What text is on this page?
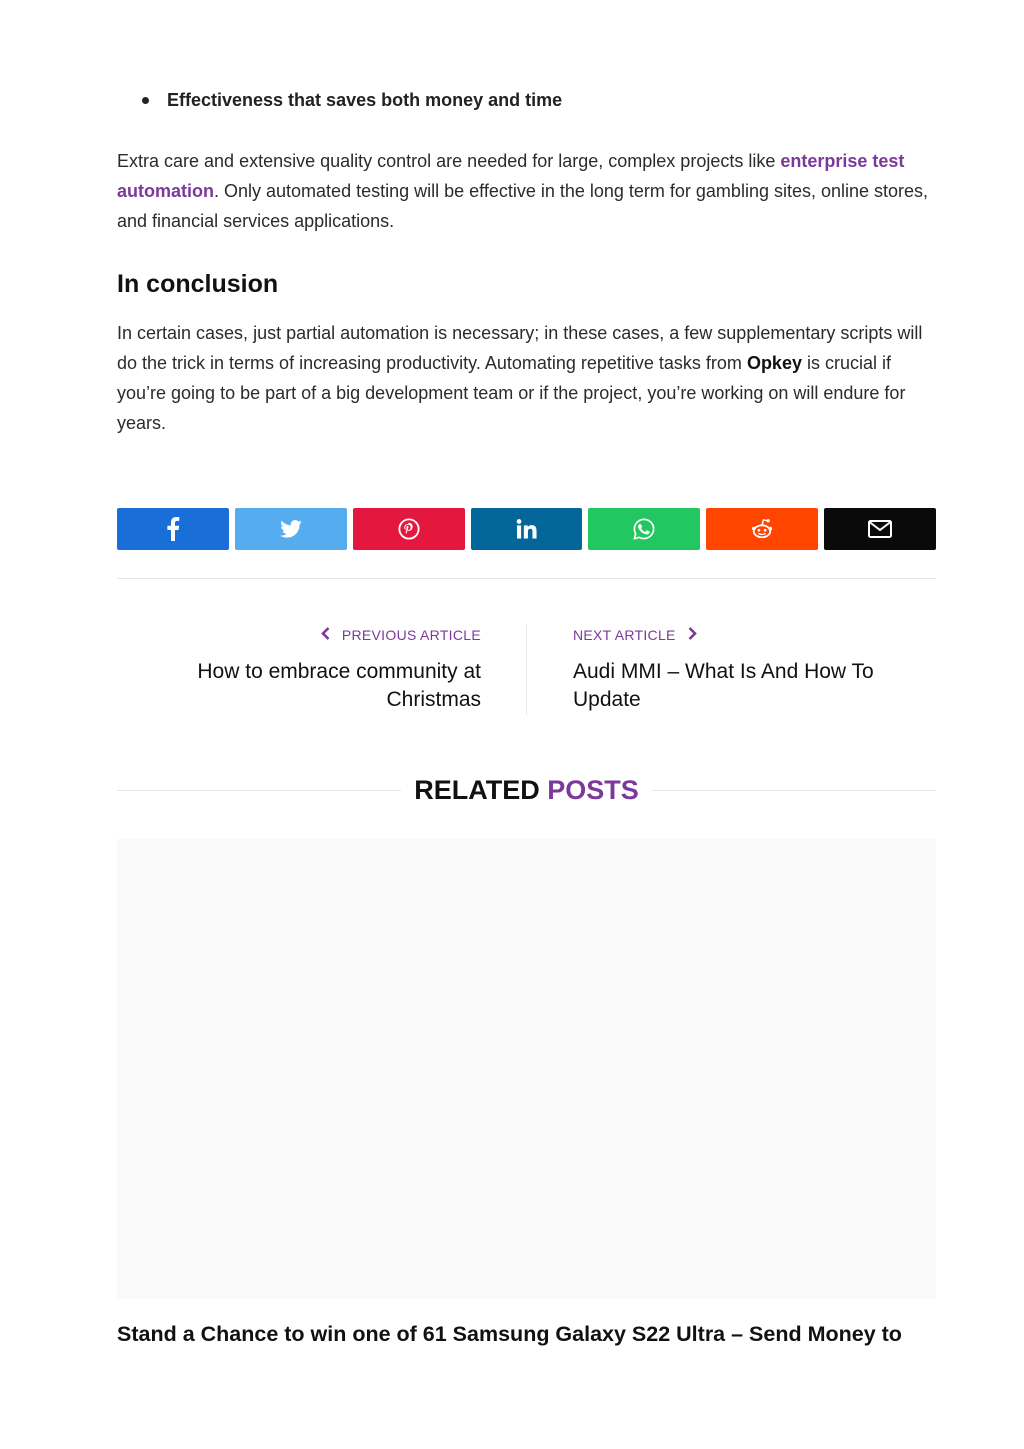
Effectiveness that saves both money and time

Extra care and extensive quality control are needed for large, complex projects like enterprise test automation. Only automated testing will be effective in the long term for gambling sites, online stores, and financial services applications.

In conclusion

In certain cases, just partial automation is necessary; in these cases, a few supplementary scripts will do the trick in terms of increasing productivity. Automating repetitive tasks from Opkey is crucial if you’re going to be part of a big development team or if the project, you’re working on will endure for years.

PREVIOUS ARTICLE
How to embrace community at Christmas
NEXT ARTICLE
Audi MMI – What Is And How To Update
RELATED POSTS
Stand a Chance to win one of 61 Samsung Galaxy S22 Ultra – Send Money to
